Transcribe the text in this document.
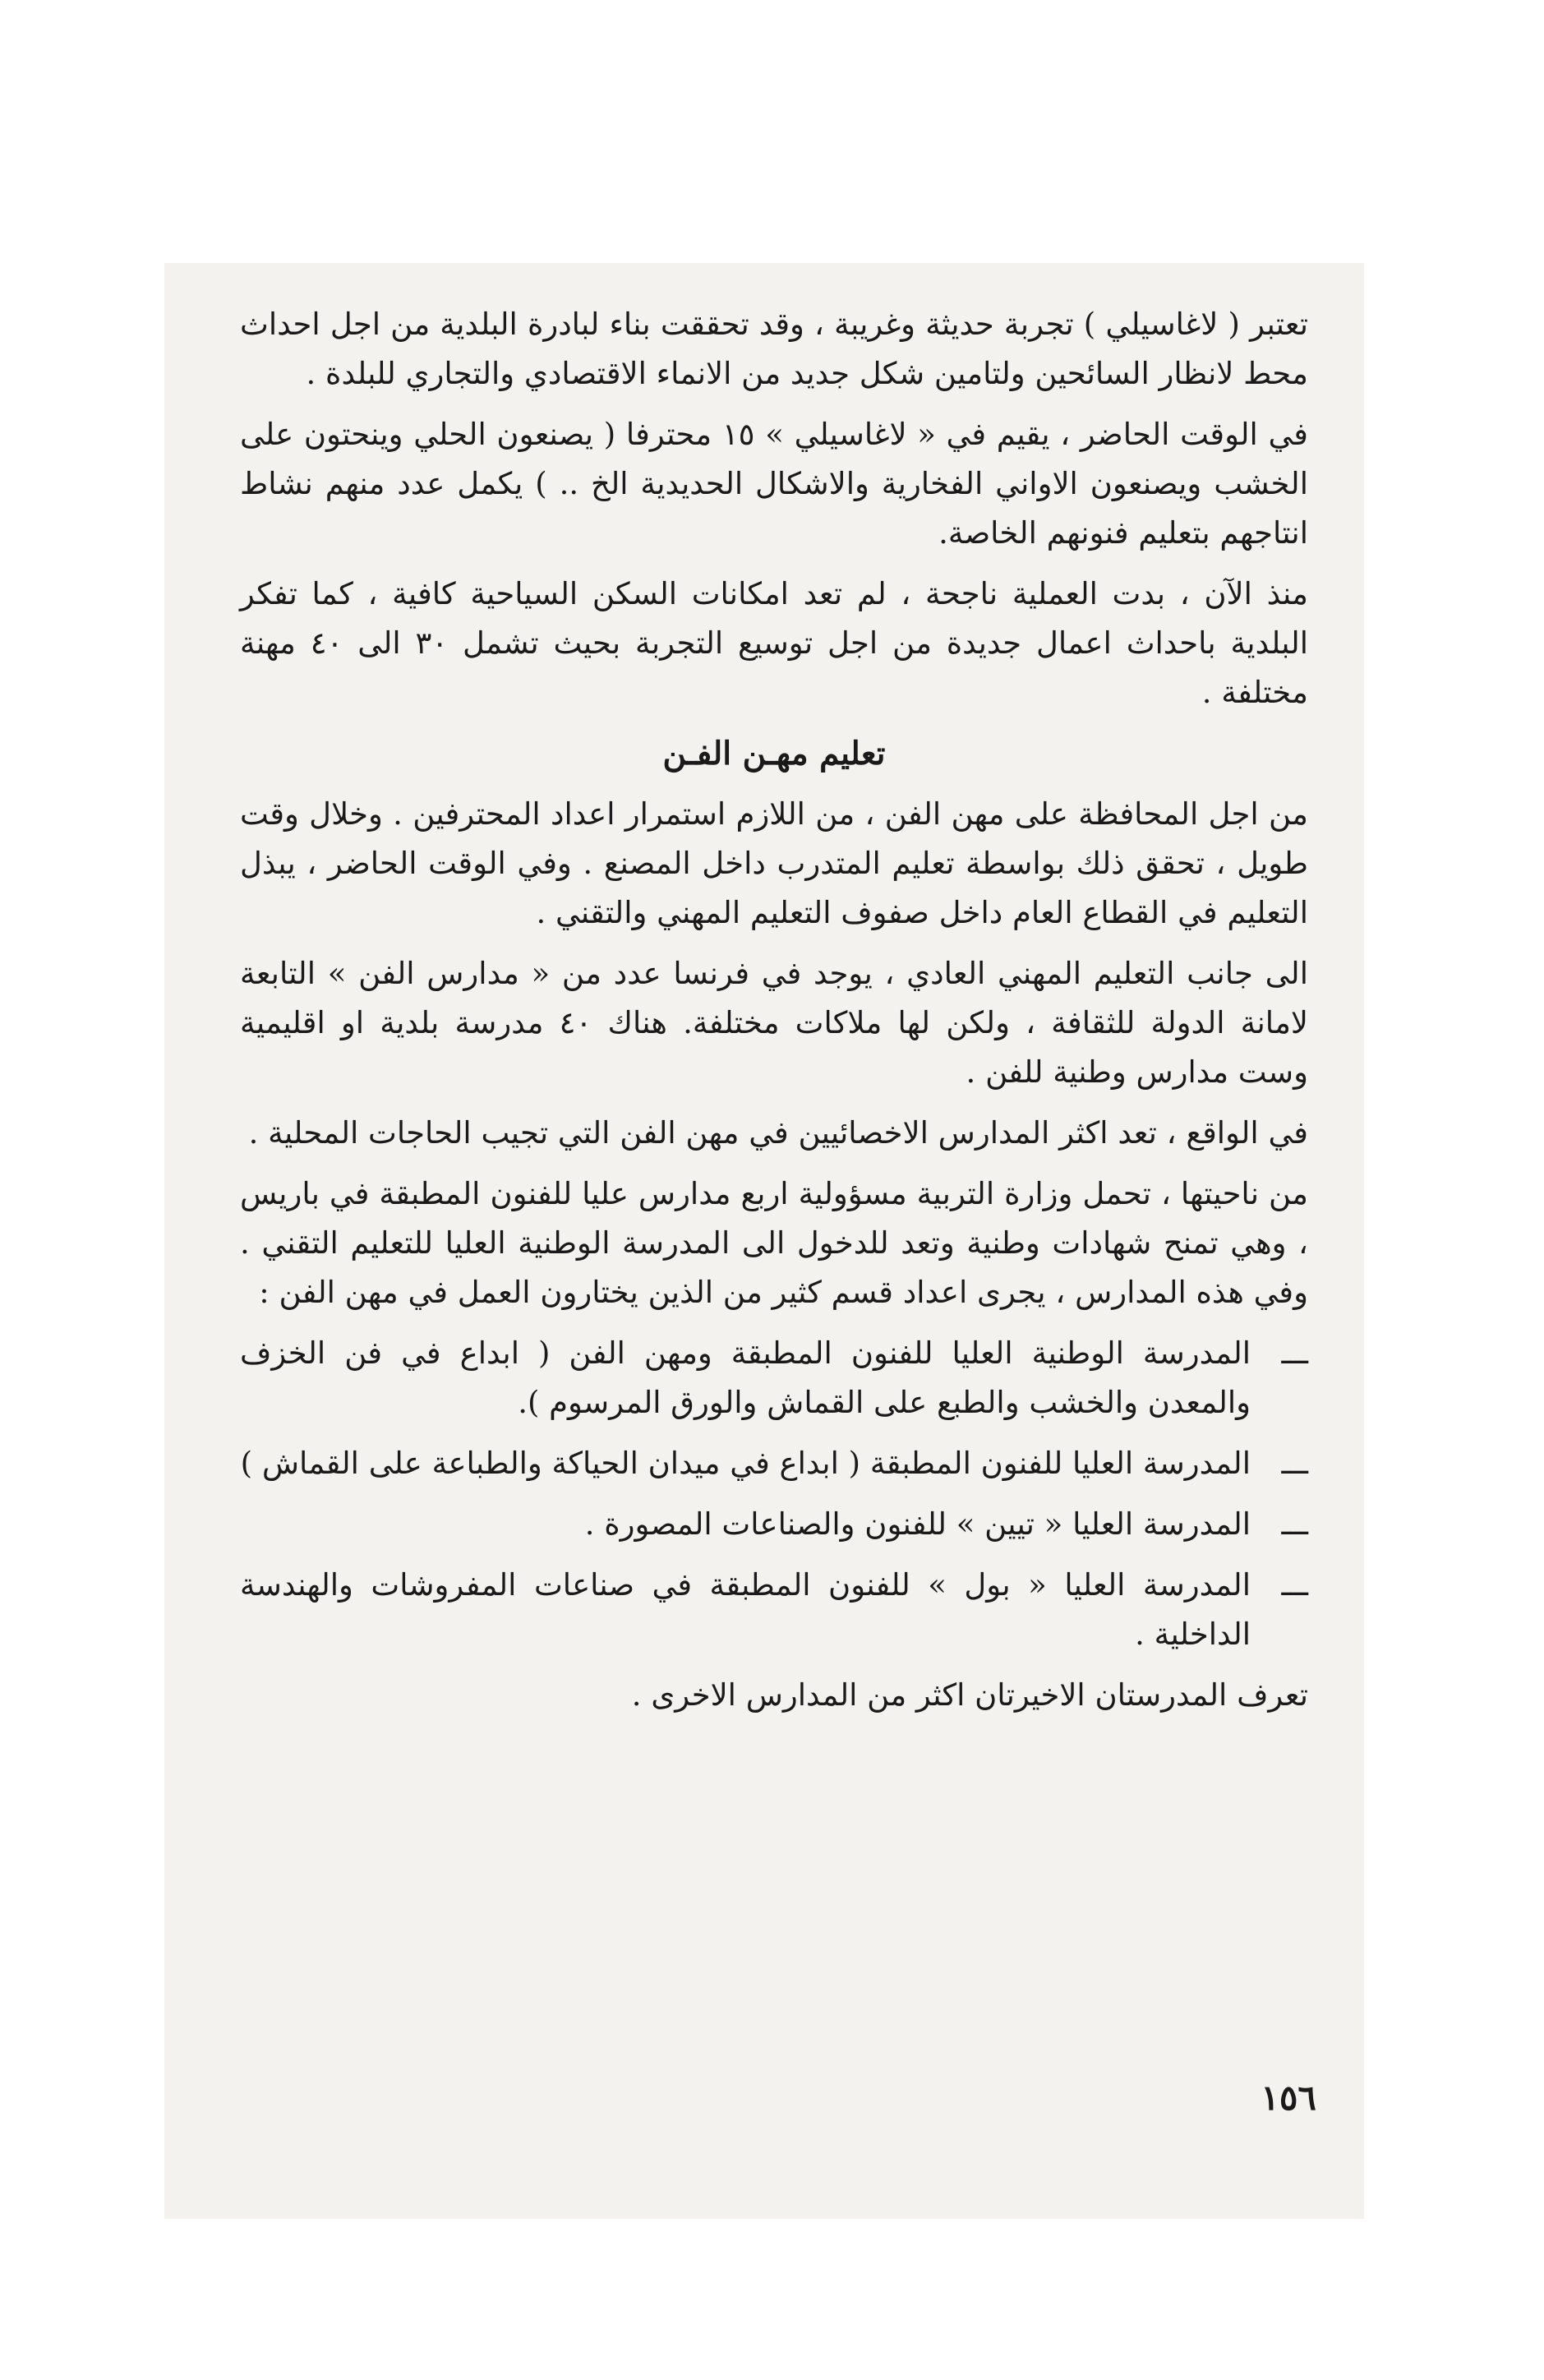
تعتبر ( لاغاسيلي ) تجربة حديثة وغريبة ، وقد تحققت بناء لبادرة البلدية من اجل احداث محط لانظار السائحين ولتامين شكل جديد من الانماء الاقتصادي والتجاري للبلدة .

في الوقت الحاضر ، يقيم في « لاغاسيلي » ١٥ محترفا ( يصنعون الحلي وينحتون على الخشب ويصنعون الاواني الفخارية والاشكال الحديدية الخ .. ) يكمل عدد منهم نشاط انتاجهم بتعليم فنونهم الخاصة.

منذ الآن ، بدت العملية ناجحة ، لم تعد امكانات السكن السياحية كافية ، كما تفكر البلدية باحداث اعمال جديدة من اجل توسيع التجربة بحيث تشمل ٣٠ الى ٤٠ مهنة مختلفة .

تعليم مهـن الفـن

من اجل المحافظة على مهن الفن ، من اللازم استمرار اعداد المحترفين . وخلال وقت طويل ، تحقق ذلك بواسطة تعليم المتدرب داخل المصنع . وفي الوقت الحاضر ، يبذل التعليم في القطاع العام داخل صفوف التعليم المهني والتقني .

الى جانب التعليم المهني العادي ، يوجد في فرنسا عدد من « مدارس الفن » التابعة لامانة الدولة للثقافة ، ولكن لها ملاكات مختلفة. هناك ٤٠ مدرسة بلدية او اقليمية وست مدارس وطنية للفن .

في الواقع ، تعد اكثر المدارس الاخصائيين في مهن الفن التي تجيب الحاجات المحلية .

من ناحيتها ، تحمل وزارة التربية مسؤولية اربع مدارس عليا للفنون المطبقة في باريس ، وهي تمنح شهادات وطنية وتعد للدخول الى المدرسة الوطنية العليا للتعليم التقني . وفي هذه المدارس ، يجرى اعداد قسم كثير من الذين يختارون العمل في مهن الفن :

ـــ
المدرسة الوطنية العليا للفنون المطبقة ومهن الفن ( ابداع في فن الخزف والمعدن والخشب والطبع على القماش والورق المرسوم ).
ـــ
المدرسة العليا للفنون المطبقة ( ابداع في ميدان الحياكة والطباعة على القماش )
ـــ
المدرسة العليا « تيين » للفنون والصناعات المصورة .
ـــ
المدرسة العليا « بول » للفنون المطبقة في صناعات المفروشات والهندسة الداخلية .

تعرف المدرستان الاخيرتان اكثر من المدارس الاخرى .

١٥٦
